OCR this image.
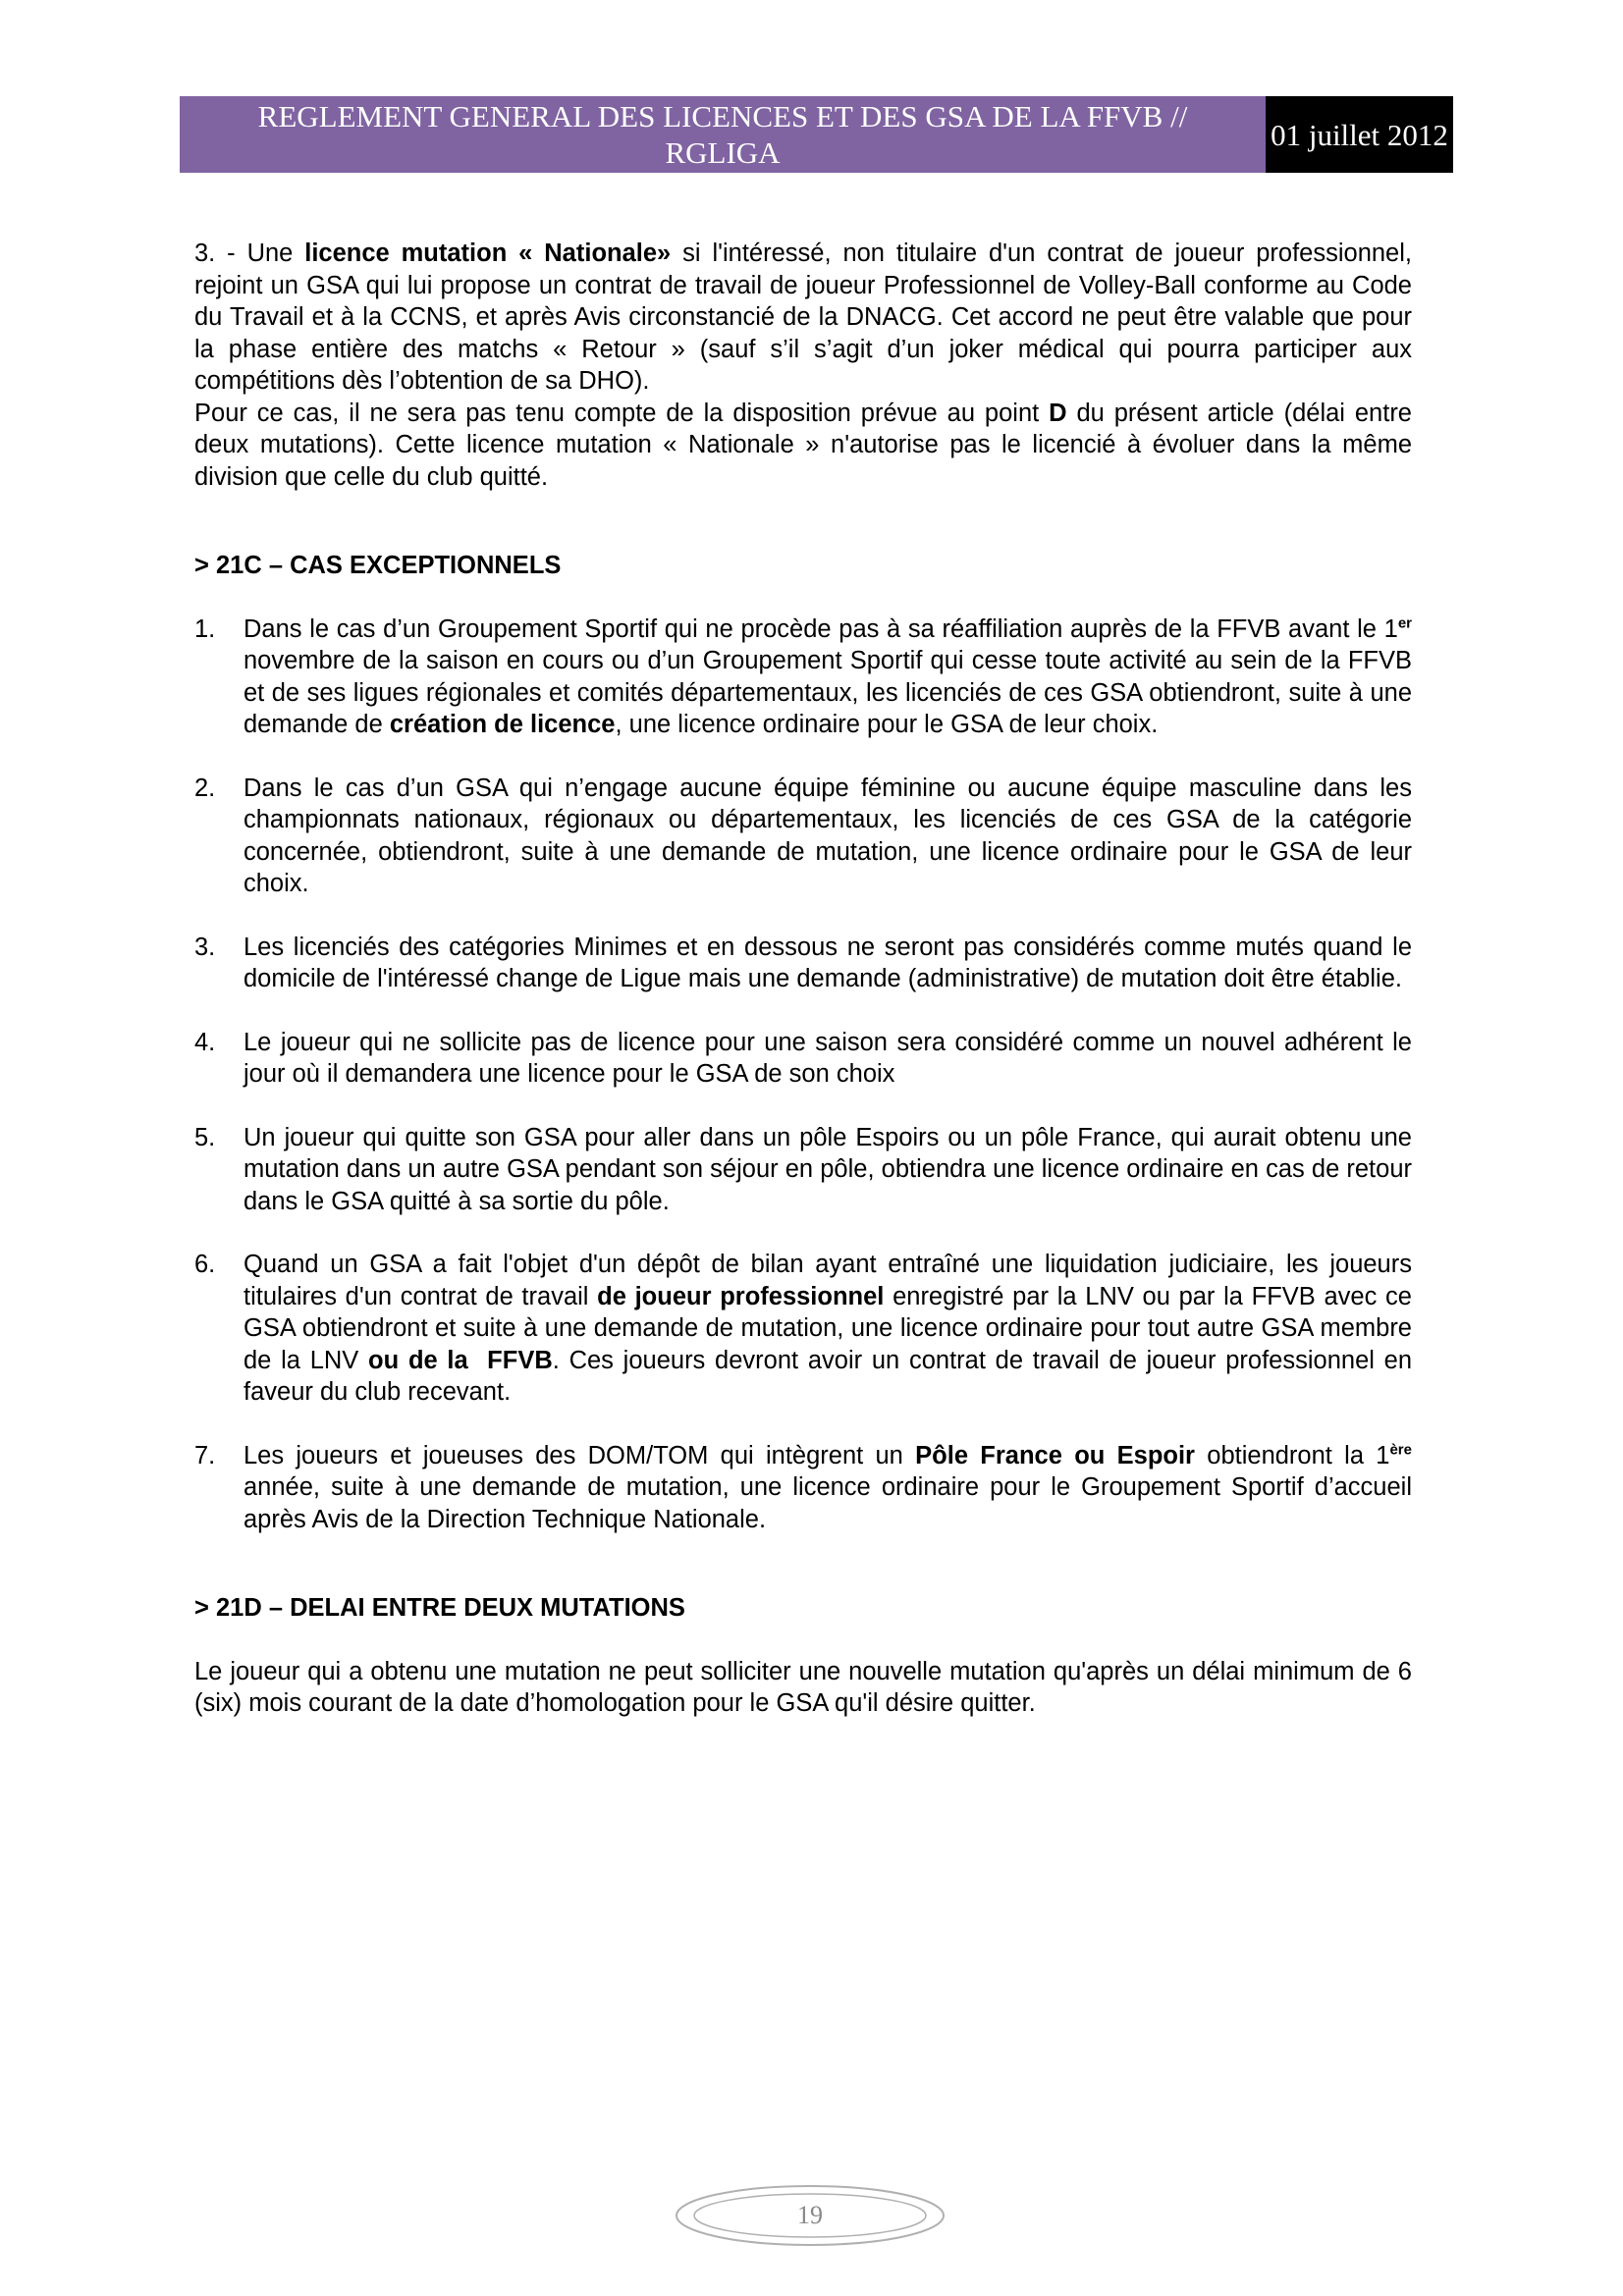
REGLEMENT GENERAL DES LICENCES ET DES GSA DE LA FFVB // RGLIGA
01 juillet 2012

3. - Une licence mutation « Nationale» si l'intéressé, non titulaire d'un contrat de joueur professionnel, rejoint un GSA qui lui propose un contrat de travail de joueur Professionnel de Volley-Ball conforme au Code du Travail et à la CCNS, et après Avis circonstancié de la DNACG. Cet accord ne peut être valable que pour la phase entière des matchs « Retour » (sauf s’il s’agit d’un joker médical qui pourra participer aux compétitions dès l’obtention de sa DHO).

Pour ce cas, il ne sera pas tenu compte de la disposition prévue au point D du présent article (délai entre deux mutations). Cette licence mutation « Nationale » n'autorise pas le licencié à évoluer dans la même division que celle du club quitté.

> 21C – CAS EXCEPTIONNELS

1.	Dans le cas d’un Groupement Sportif qui ne procède pas à sa réaffiliation auprès de la FFVB avant le 1er novembre de la saison en cours ou d’un Groupement Sportif qui cesse toute activité au sein de la FFVB et de ses ligues régionales et comités départementaux, les licenciés de ces GSA obtiendront, suite à une demande de création de licence, une licence ordinaire pour le GSA de leur choix.
2.	Dans le cas d’un GSA qui n’engage aucune équipe féminine ou aucune équipe masculine dans les championnats nationaux, régionaux ou départementaux, les licenciés de ces GSA de la catégorie concernée, obtiendront, suite à une demande de mutation, une licence ordinaire pour le GSA de leur choix.
3.	Les licenciés des catégories Minimes et en dessous ne seront pas considérés comme mutés quand le domicile de l'intéressé change de Ligue mais une demande (administrative) de mutation doit être établie.
4.	Le joueur qui ne sollicite pas de licence pour une saison sera considéré comme un nouvel adhérent le jour où il demandera une licence pour le GSA de son choix
5.	Un joueur qui quitte son GSA pour aller dans un pôle Espoirs ou un pôle France, qui aurait obtenu une mutation dans un autre GSA pendant son séjour en pôle, obtiendra une licence ordinaire en cas de retour dans le GSA quitté à sa sortie du pôle.
6.	Quand un GSA a fait l'objet d'un dépôt de bilan ayant entraîné une liquidation judiciaire, les joueurs titulaires d'un contrat de travail de joueur professionnel enregistré par la LNV ou par la FFVB avec ce GSA obtiendront et suite à une demande de mutation, une licence ordinaire pour tout autre GSA membre de la LNV ou de la  FFVB. Ces joueurs devront avoir un contrat de travail de joueur professionnel en faveur du club recevant.
7.	Les joueurs et joueuses des DOM/TOM qui intègrent un Pôle France ou Espoir obtiendront la 1ère année, suite à une demande de mutation, une licence ordinaire pour le Groupement Sportif d’accueil après Avis de la Direction Technique Nationale.

> 21D – DELAI ENTRE DEUX MUTATIONS

Le joueur qui a obtenu une mutation ne peut solliciter une nouvelle mutation qu'après un délai minimum de 6 (six) mois courant de la date d’homologation pour le GSA qu'il désire quitter.

19
